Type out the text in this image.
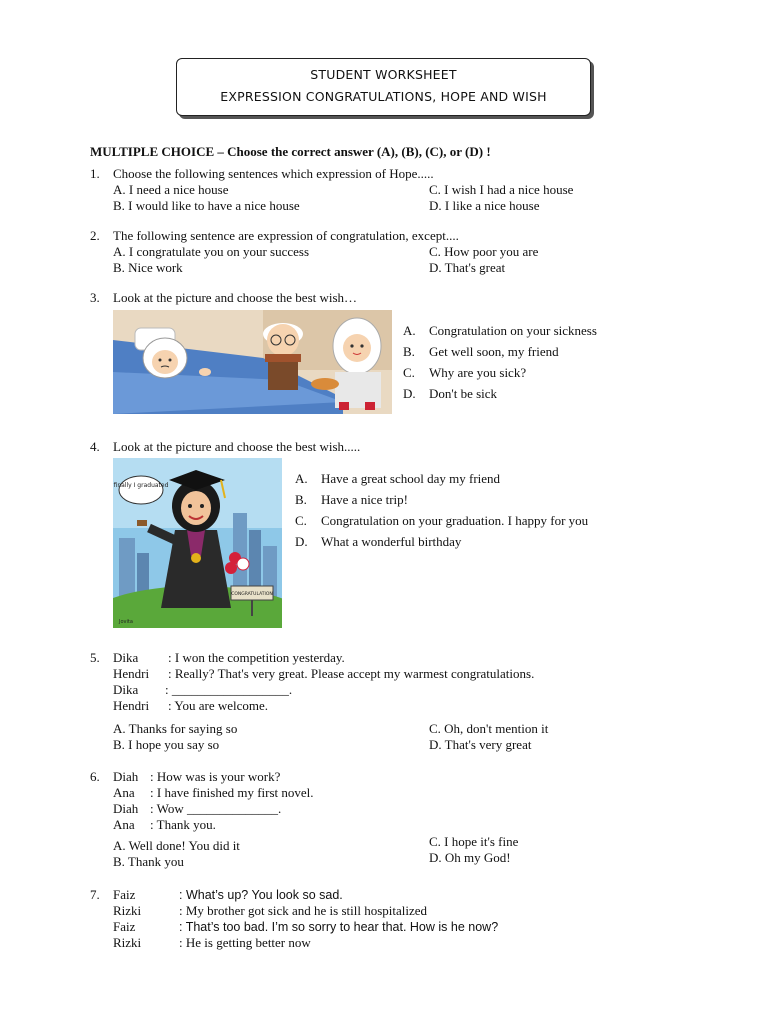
STUDENT WORKSHEET
EXPRESSION CONGRATULATIONS, HOPE AND WISH
MULTIPLE CHOICE – Choose the correct answer (A), (B), (C), or (D) !
1. Choose the following sentences which expression of Hope.....
A. I need a nice house
B. I would like to have a nice house
C. I wish I had a nice house
D. I like a nice house
2. The following sentence are expression of congratulation, except....
A. I congratulate you on your success
B. Nice work
C. How poor you are
D. That's great
3. Look at the picture and choose the best wish…
A. Congratulation on your sickness
B. Get well soon, my friend
C. Why are you sick?
D. Don't be sick
4. Look at the picture and choose the best wish.....
finally I graduated
CONGRATULATION
Jovita
A. Have a great school day my friend
B. Have a nice trip!
C. Congratulation on your graduation. I happy for you
D. What a wonderful birthday
5. Dika : I won the competition yesterday.
Hendri : Really? That's very great. Please accept my warmest congratulations.
Dika : __________________.
Hendri : You are welcome.
A. Thanks for saying so
B. I hope you say so
C. Oh, don't mention it
D. That's very great
6. Diah : How was is your work?
Ana : I have finished my first novel.
Diah : Wow ______________.
Ana : Thank you.
A. Well done! You did it
B. Thank you
C. I hope it's fine
D. Oh my God!
7. Faiz	: What’s up? You look so sad.
Rizki	: My brother got sick and he is still hospitalized
Faiz	: That’s too bad. I’m so sorry to hear that. How is he now?
Rizki	: He is getting better now
